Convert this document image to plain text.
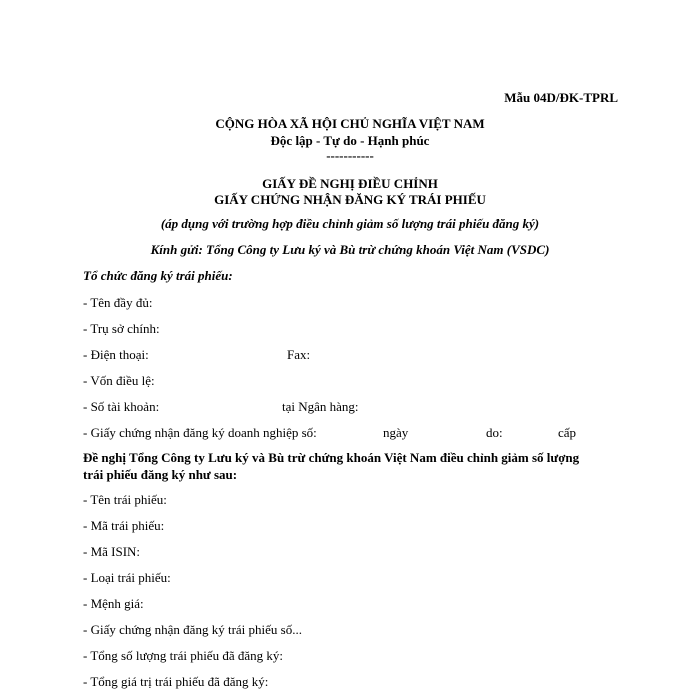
Mẫu 04D/ĐK-TPRL
CỘNG HÒA XÃ HỘI CHỦ NGHĨA VIỆT NAM
Độc lập - Tự do - Hạnh phúc
-----------
GIẤY ĐỀ NGHỊ ĐIỀU CHỈNH
GIẤY CHỨNG NHẬN ĐĂNG KÝ TRÁI PHIẾU
(áp dụng với trường hợp điều chỉnh giảm số lượng trái phiếu đăng ký)
Kính gửi: Tổng Công ty Lưu ký và Bù trừ chứng khoán Việt Nam (VSDC)
Tổ chức đăng ký trái phiếu:
- Tên đầy đủ:
- Trụ sở chính:
- Điện thoại:	Fax:
- Vốn điều lệ:
- Số tài khoản:	tại Ngân hàng:
- Giấy chứng nhận đăng ký doanh nghiệp số:	ngày	do:	cấp
Đề nghị Tổng Công ty Lưu ký và Bù trừ chứng khoán Việt Nam điều chỉnh giảm số lượng
trái phiếu đăng ký như sau:
- Tên trái phiếu:
- Mã trái phiếu:
- Mã ISIN:
- Loại trái phiếu:
- Mệnh giá:
- Giấy chứng nhận đăng ký trái phiếu số...
- Tổng số lượng trái phiếu đã đăng ký:
- Tổng giá trị trái phiếu đã đăng ký:
